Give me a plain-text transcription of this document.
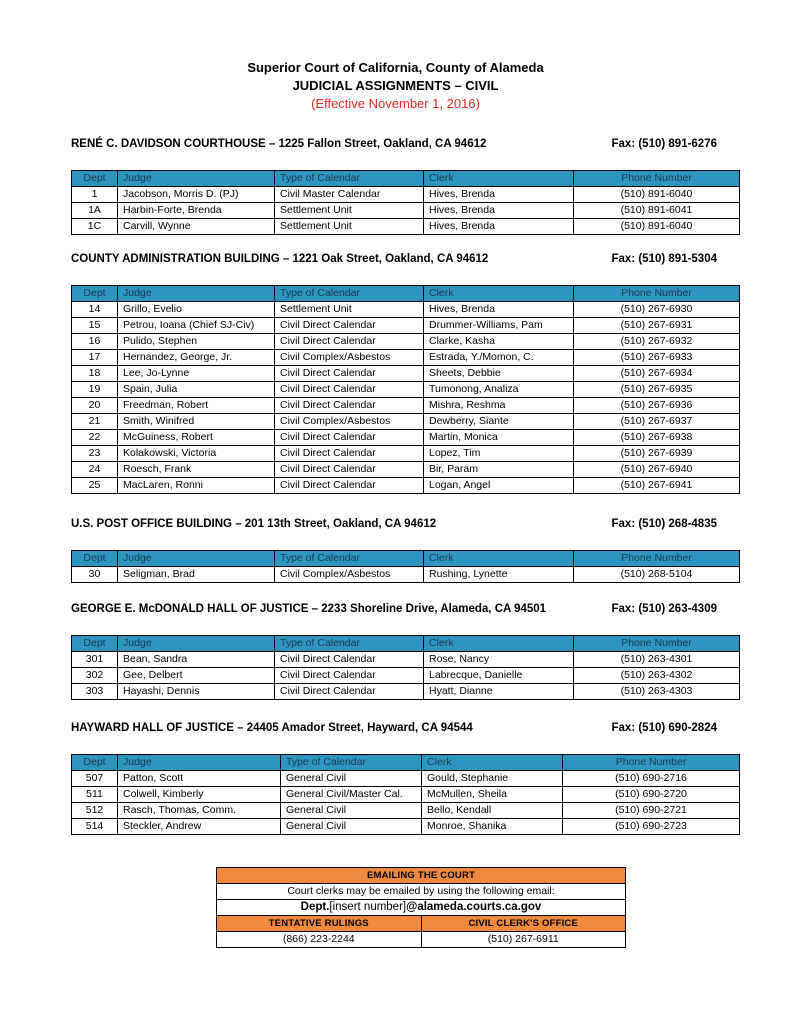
Superior Court of California, County of Alameda
JUDICIAL ASSIGNMENTS – CIVIL
(Effective November 1, 2016)
RENÉ C. DAVIDSON COURTHOUSE – 1225 Fallon Street, Oakland, CA 94612	Fax: (510) 891-6276
Dept	Judge	Type of Calendar	Clerk	Phone Number
1	Jacobson, Morris D. (PJ)	Civil Master Calendar	Hives, Brenda	(510) 891-6040
1A	Harbin-Forte, Brenda	Settlement Unit	Hives, Brenda	(510) 891-6041
1C	Carvill, Wynne	Settlement Unit	Hives, Brenda	(510) 891-6040
COUNTY ADMINISTRATION BUILDING – 1221 Oak Street, Oakland, CA 94612	Fax: (510) 891-5304
Dept	Judge	Type of Calendar	Clerk	Phone Number
14	Grillo, Evelio	Settlement Unit	Hives, Brenda	(510) 267-6930
15	Petrou, Ioana (Chief SJ-Civ)	Civil Direct Calendar	Drummer-Williams, Pam	(510) 267-6931
16	Pulido, Stephen	Civil Direct Calendar	Clarke, Kasha	(510) 267-6932
17	Hernandez, George, Jr.	Civil Complex/Asbestos	Estrada, Y./Momon, C.	(510) 267-6933
18	Lee, Jo-Lynne	Civil Direct Calendar	Sheets, Debbie	(510) 267-6934
19	Spain, Julia	Civil Direct Calendar	Tumonong, Analiza	(510) 267-6935
20	Freedman, Robert	Civil Direct Calendar	Mishra, Reshma	(510) 267-6936
21	Smith, Winifred	Civil Complex/Asbestos	Dewberry, Siante	(510) 267-6937
22	McGuiness, Robert	Civil Direct Calendar	Martin, Monica	(510) 267-6938
23	Kolakowski, Victoria	Civil Direct Calendar	Lopez, Tim	(510) 267-6939
24	Roesch, Frank	Civil Direct Calendar	Bir, Param	(510) 267-6940
25	MacLaren, Ronni	Civil Direct Calendar	Logan, Angel	(510) 267-6941
U.S. POST OFFICE BUILDING – 201 13th Street, Oakland, CA 94612	Fax: (510) 268-4835
Dept	Judge	Type of Calendar	Clerk	Phone Number
30	Seligman, Brad	Civil Complex/Asbestos	Rushing, Lynette	(510) 268-5104
GEORGE E. McDONALD HALL OF JUSTICE – 2233 Shoreline Drive, Alameda, CA 94501	Fax: (510) 263-4309
Dept	Judge	Type of Calendar	Clerk	Phone Number
301	Bean, Sandra	Civil Direct Calendar	Rose, Nancy	(510) 263-4301
302	Gee, Delbert	Civil Direct Calendar	Labrecque, Danielle	(510) 263-4302
303	Hayashi, Dennis	Civil Direct Calendar	Hyatt, Dianne	(510) 263-4303
HAYWARD HALL OF JUSTICE – 24405 Amador Street, Hayward, CA 94544	Fax: (510) 690-2824
Dept	Judge	Type of Calendar	Clerk	Phone Number
507	Patton, Scott	General Civil	Gould, Stephanie	(510) 690-2716
511	Colwell, Kimberly	General Civil/Master Cal.	McMullen, Sheila	(510) 690-2720
512	Rasch, Thomas, Comm.	General Civil	Bello, Kendall	(510) 690-2721
514	Steckler, Andrew	General Civil	Monroe, Shanika	(510) 690-2723
EMAILING THE COURT	
Court clerks may be emailed by using the following email:	
Dept.[insert number]@alameda.courts.ca.gov	
TENTATIVE RULINGS	CIVIL CLERK'S OFFICE
(866) 223-2244	(510) 267-6911
